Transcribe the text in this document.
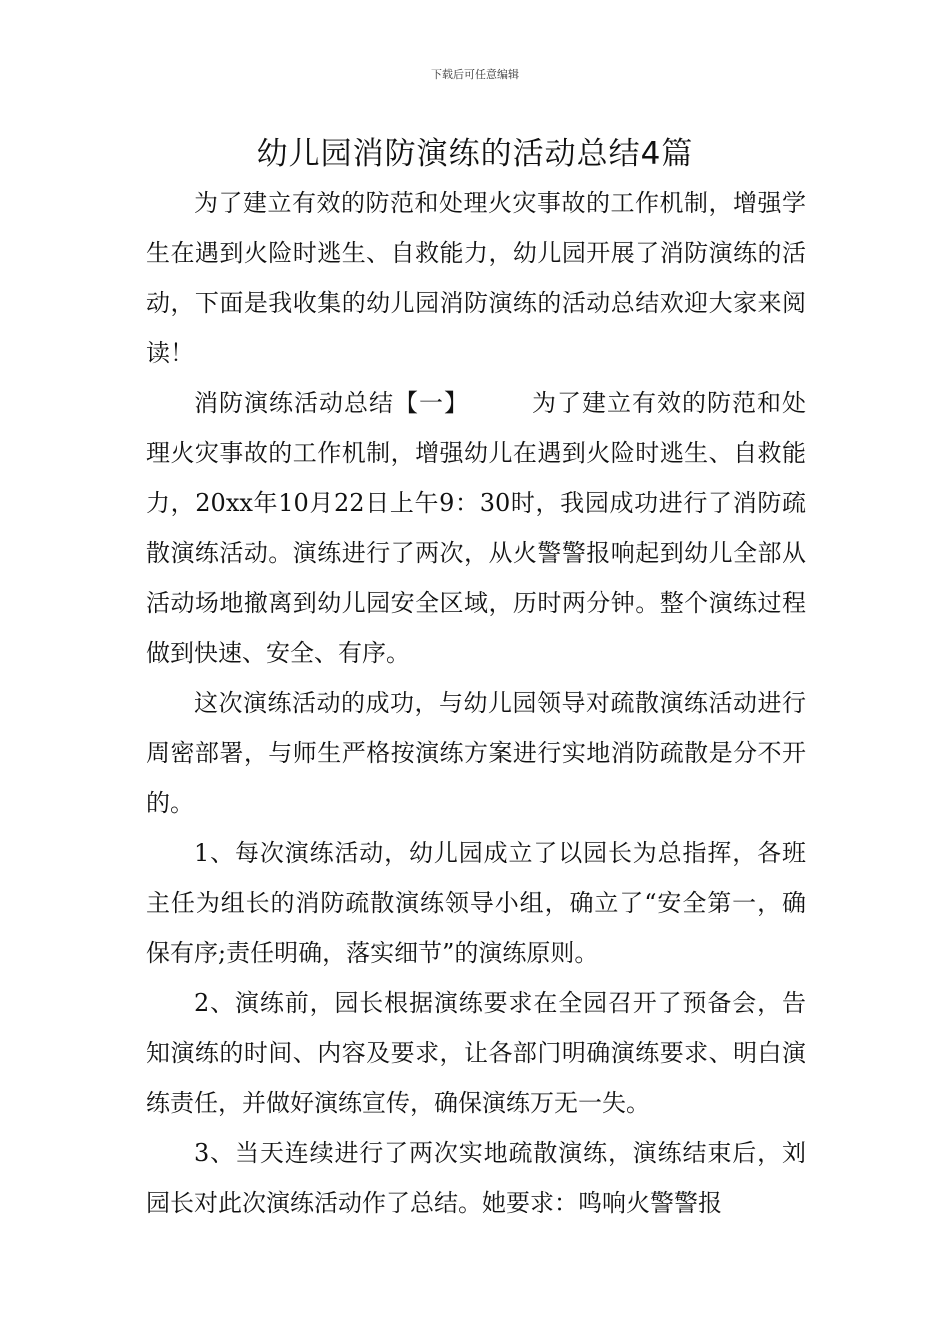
下载后可任意编辑
幼儿园消防演练的活动总结4篇

为了建立有效的防范和处理火灾事故的工作机制，增强学生在遇到火险时逃生、自救能力，幼儿园开展了消防演练的活动，下面是我收集的幼儿园消防演练的活动总结欢迎大家来阅读！

消防演练活动总结【一】	为了建立有效的防范和处理火灾事故的工作机制，增强幼儿在遇到火险时逃生、自救能力，20xx年10月22日上午9：30时，我园成功进行了消防疏散演练活动。演练进行了两次，从火警警报响起到幼儿全部从活动场地撤离到幼儿园安全区域，历时两分钟。整个演练过程做到快速、安全、有序。

这次演练活动的成功，与幼儿园领导对疏散演练活动进行周密部署，与师生严格按演练方案进行实地消防疏散是分不开的。

1、每次演练活动，幼儿园成立了以园长为总指挥，各班主任为组长的消防疏散演练领导小组，确立了“安全第一，确保有序;责任明确，落实细节”的演练原则。

2、演练前，园长根据演练要求在全园召开了预备会，告知演练的时间、内容及要求，让各部门明确演练要求、明白演练责任，并做好演练宣传，确保演练万无一失。

3、当天连续进行了两次实地疏散演练，演练结束后，刘园长对此次演练活动作了总结。她要求：鸣响火警警报
